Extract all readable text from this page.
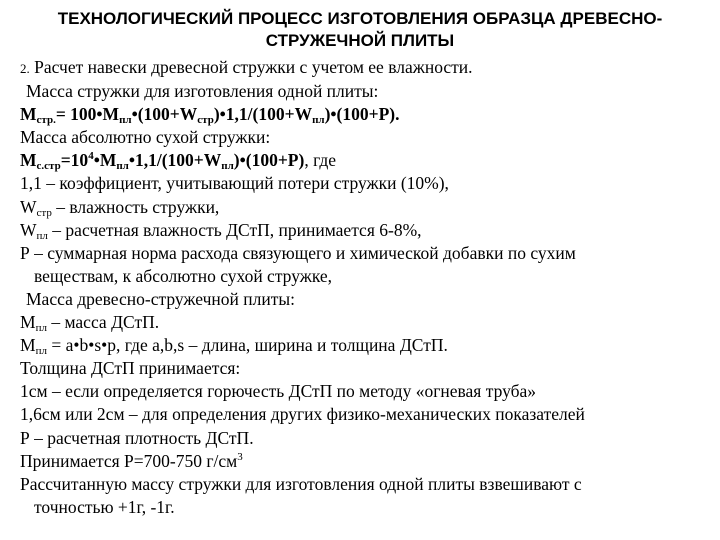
ТЕХНОЛОГИЧЕСКИЙ ПРОЦЕСС ИЗГОТОВЛЕНИЯ ОБРАЗЦА ДРЕВЕСНО-
СТРУЖЕЧНОЙ ПЛИТЫ
2. Расчет навески древесной стружки с учетом ее влажности.
Масса стружки для изготовления одной плиты:
$M_{стр.}=$ $100•M_{пл}•(100+W_{стр})•1,1/(100+W_{пл})•(100+Р)$.
Масса абсолютно сухой стружки:
$M_{с.стр}=10^4•M_{пл}•1,1/(100+W_{пл})•(100+Р)$, где
1,1 – коэффициент, учитывающий потери стружки (10%),
$W_{стр}$ – влажность стружки,
$W_{пл}$ – расчетная влажность ДСтП, принимается 6-8%,
Р – суммарная норма расхода связующего и химической добавки по сухим
веществам, к абсолютно сухой стружке,
Масса древесно-стружечной плиты:
$M_{пл}$ – масса ДСтП.
$M_{пл}$ = а•b•s•р, где а,b,s – длина, ширина и толщина ДСтП.
Толщина ДСтП принимается:
1см – если определяется горючесть ДСтП по методу «огневая труба»
1,6см или 2см – для определения других физико-механических показателей
Р – расчетная плотность ДСтП.
Принимается Р=700-750 $г/см^3$
Рассчитанную массу стружки для изготовления одной плиты взвешивают с
точностью +1г, -1г.
